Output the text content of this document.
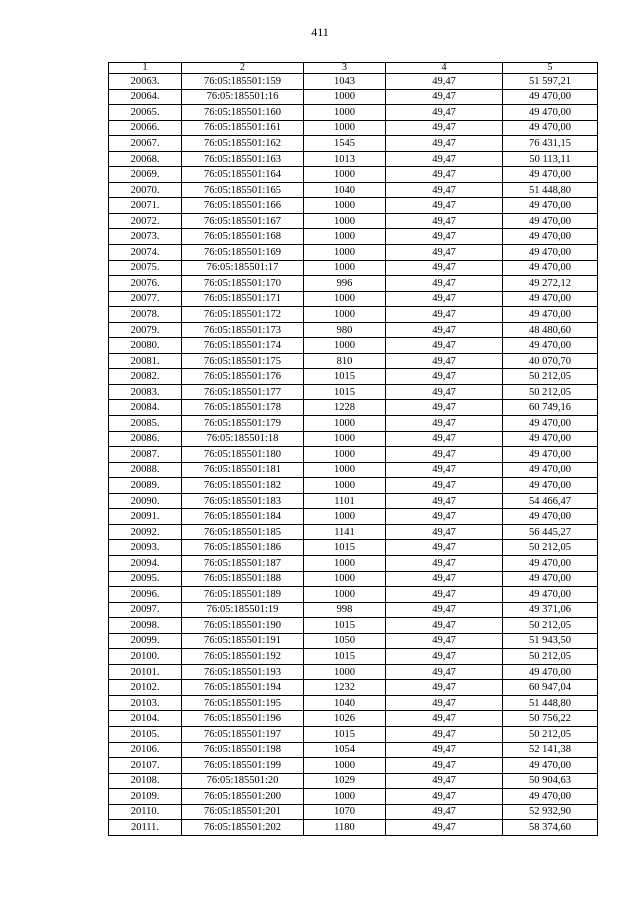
411
1	2	3	4	5
20063.	76:05:185501:159	1043	49,47	51 597,21
20064.	76:05:185501:16	1000	49,47	49 470,00
20065.	76:05:185501:160	1000	49,47	49 470,00
20066.	76:05:185501:161	1000	49,47	49 470,00
20067.	76:05:185501:162	1545	49,47	76 431,15
20068.	76:05:185501:163	1013	49,47	50 113,11
20069.	76:05:185501:164	1000	49,47	49 470,00
20070.	76:05:185501:165	1040	49,47	51 448,80
20071.	76:05:185501:166	1000	49,47	49 470,00
20072.	76:05:185501:167	1000	49,47	49 470,00
20073.	76:05:185501:168	1000	49,47	49 470,00
20074.	76:05:185501:169	1000	49,47	49 470,00
20075.	76:05:185501:17	1000	49,47	49 470,00
20076.	76:05:185501:170	996	49,47	49 272,12
20077.	76:05:185501:171	1000	49,47	49 470,00
20078.	76:05:185501:172	1000	49,47	49 470,00
20079.	76:05:185501:173	980	49,47	48 480,60
20080.	76:05:185501:174	1000	49,47	49 470,00
20081.	76:05:185501:175	810	49,47	40 070,70
20082.	76:05:185501:176	1015	49,47	50 212,05
20083.	76:05:185501:177	1015	49,47	50 212,05
20084.	76:05:185501:178	1228	49,47	60 749,16
20085.	76:05:185501:179	1000	49,47	49 470,00
20086.	76:05:185501:18	1000	49,47	49 470,00
20087.	76:05:185501:180	1000	49,47	49 470,00
20088.	76:05:185501:181	1000	49,47	49 470,00
20089.	76:05:185501:182	1000	49,47	49 470,00
20090.	76:05:185501:183	1101	49,47	54 466,47
20091.	76:05:185501:184	1000	49,47	49 470,00
20092.	76:05:185501:185	1141	49,47	56 445,27
20093.	76:05:185501:186	1015	49,47	50 212,05
20094.	76:05:185501:187	1000	49,47	49 470,00
20095.	76:05:185501:188	1000	49,47	49 470,00
20096.	76:05:185501:189	1000	49,47	49 470,00
20097.	76:05:185501:19	998	49,47	49 371,06
20098.	76:05:185501:190	1015	49,47	50 212,05
20099.	76:05:185501:191	1050	49,47	51 943,50
20100.	76:05:185501:192	1015	49,47	50 212,05
20101.	76:05:185501:193	1000	49,47	49 470,00
20102.	76:05:185501:194	1232	49,47	60 947,04
20103.	76:05:185501:195	1040	49,47	51 448,80
20104.	76:05:185501:196	1026	49,47	50 756,22
20105.	76:05:185501:197	1015	49,47	50 212,05
20106.	76:05:185501:198	1054	49,47	52 141,38
20107.	76:05:185501:199	1000	49,47	49 470,00
20108.	76:05:185501:20	1029	49,47	50 904,63
20109.	76:05:185501:200	1000	49,47	49 470,00
20110.	76:05:185501:201	1070	49,47	52 932,90
20111.	76:05:185501:202	1180	49,47	58 374,60
